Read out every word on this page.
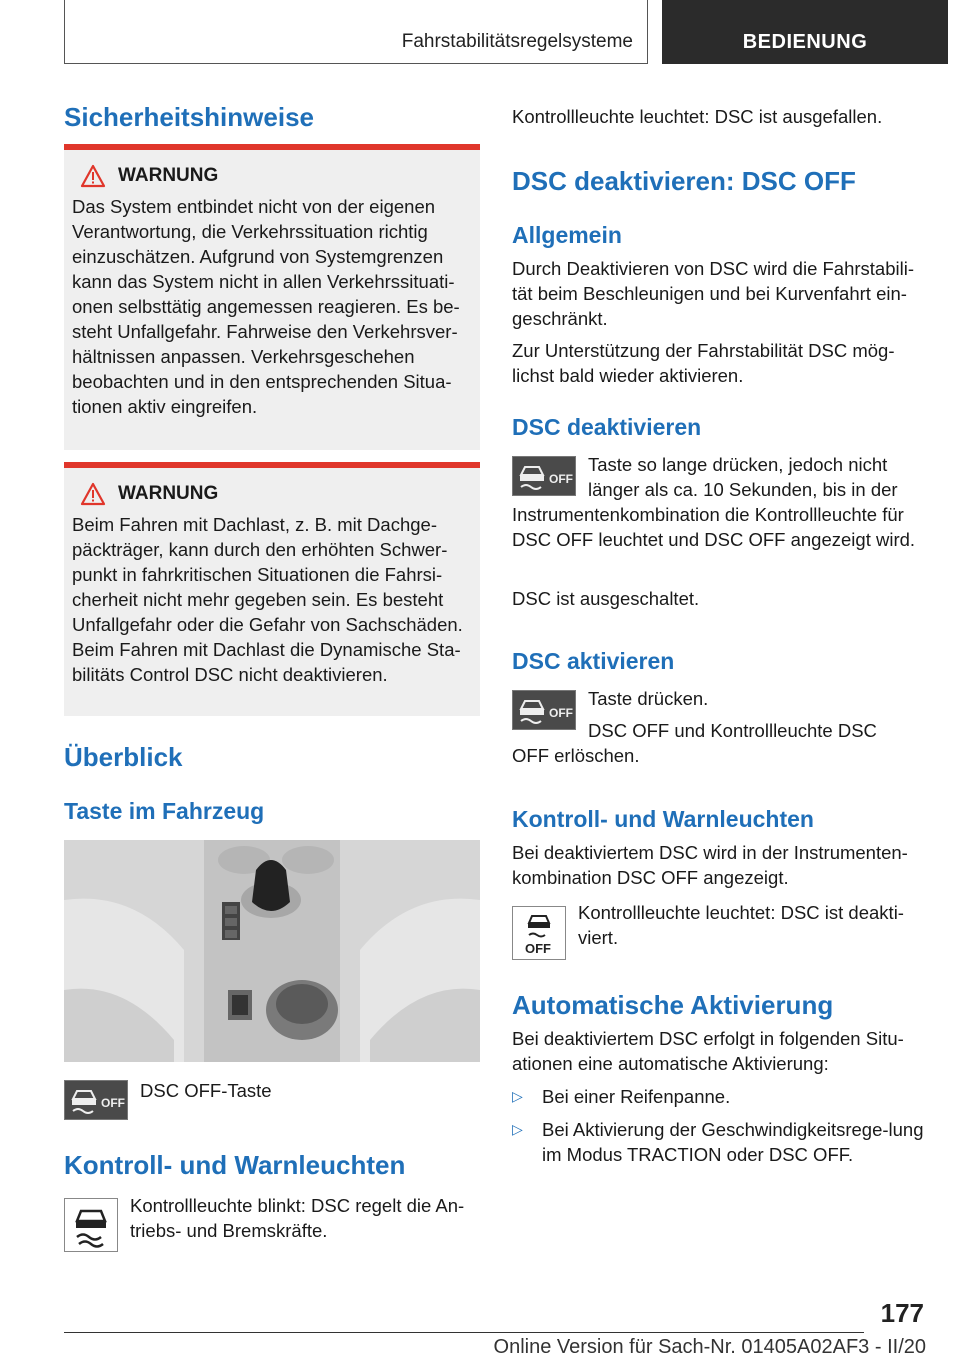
Fahrstabilitätsregelsysteme	BEDIENUNG
Sicherheitshinweise
WARNUNG

Das System entbindet nicht von der eigenen Verantwortung, die Verkehrssituation richtig einzuschätzen. Aufgrund von Systemgrenzen kann das System nicht in allen Verkehrssituati-onen selbsttätig angemessen reagieren. Es be-steht Unfallgefahr. Fahrweise den Verkehrsver-hältnissen anpassen. Verkehrsgeschehen beobachten und in den entsprechenden Situa-tionen aktiv eingreifen.

WARNUNG

Beim Fahren mit Dachlast, z. B. mit Dachge-päckträger, kann durch den erhöhten Schwer-punkt in fahrkritischen Situationen die Fahrsi-cherheit nicht mehr gegeben sein. Es besteht Unfallgefahr oder die Gefahr von Sachschäden. Beim Fahren mit Dachlast die Dynamische Sta-bilitäts Control DSC nicht deaktivieren.

Überblick
Taste im Fahrzeug
OFF

DSC OFF-Taste

Kontroll- und Warnleuchten

Kontrollleuchte blinkt: DSC regelt die An-triebs- und Bremskräfte.

Kontrollleuchte leuchtet: DSC ist ausgefallen.

DSC deaktivieren: DSC OFF
Allgemein

Durch Deaktivieren von DSC wird die Fahrstabili-tät beim Beschleunigen und bei Kurvenfahrt ein-geschränkt.

Zur Unterstützung der Fahrstabilität DSC mög-lichst bald wieder aktivieren.

DSC deaktivieren
OFF

Taste so lange drücken, jedoch nicht länger als ca. 10 Sekunden, bis in der

Instrumentenkombination die Kontrollleuchte für DSC OFF leuchtet und DSC OFF angezeigt wird.

DSC ist ausgeschaltet.

DSC aktivieren
OFF

Taste drücken.

DSC OFF und Kontrollleuchte DSC

OFF erlöschen.

Kontroll- und Warnleuchten

Bei deaktiviertem DSC wird in der Instrumenten-kombination DSC OFF angezeigt.

OFF

Kontrollleuchte leuchtet: DSC ist deakti-viert.

Automatische Aktivierung

Bei deaktiviertem DSC erfolgt in folgenden Situ-ationen eine automatische Aktivierung:

▷ Bei einer Reifenpanne.
▷ Bei Aktivierung der Geschwindigkeitsrege-lung im Modus TRACTION oder DSC OFF.
177
Online Version für Sach-Nr. 01405A02AF3 - II/20
